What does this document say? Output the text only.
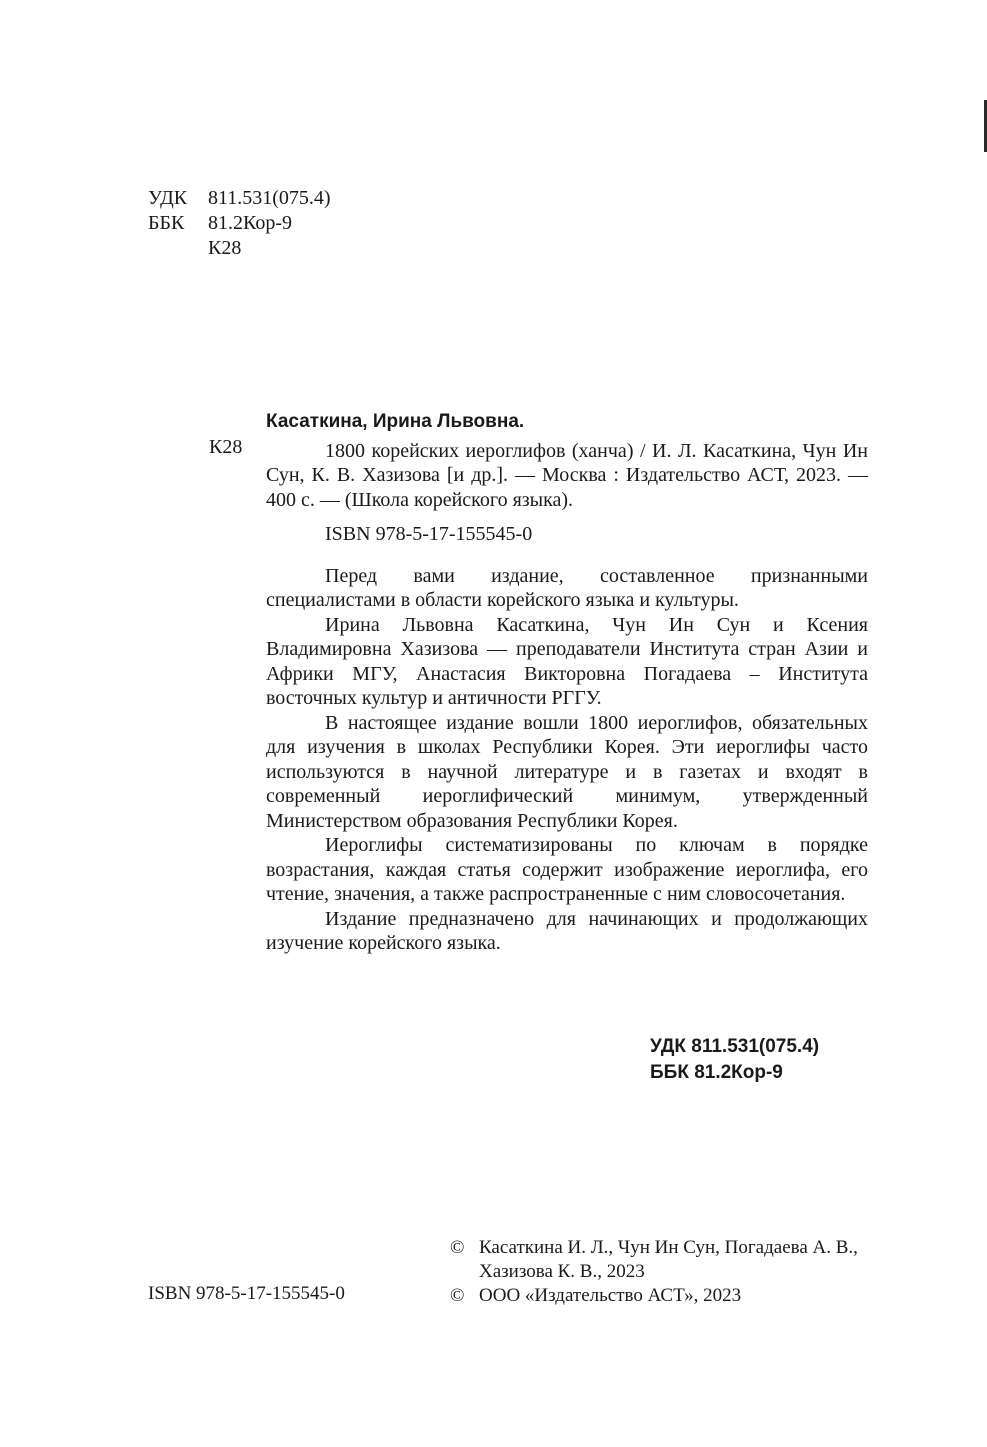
УДК	811.531(075.4)
ББК	81.2Кор-9
К28
К28

Касаткина, Ирина Львовна.

1800 корейских иероглифов (ханча) / И. Л. Касаткина, Чун Ин Сун, К. В. Хазизова [и др.]. — Москва : Издательство АСТ, 2023. — 400 с. — (Школа корейского языка).

ISBN 978-5-17-155545-0

Перед вами издание, составленное признанными специалистами в области корейского языка и культуры.

Ирина Львовна Касаткина, Чун Ин Сун и Ксения Владимировна Хазизова — преподаватели Института стран Азии и Африки МГУ, Анастасия Викторовна Погадаева – Института восточных культур и античности РГГУ.

В настоящее издание вошли 1800 иероглифов, обязательных для изучения в школах Республики Корея. Эти иероглифы часто используются в научной литературе и в газетах и входят в современный иероглифический минимум, утвержденный Министерством образования Республики Корея.

Иероглифы систематизированы по ключам в порядке возрастания, каждая статья содержит изображение иероглифа, его чтение, значения, а также распространенные с ним словосочетания.

Издание предназначено для начинающих и продолжающих изучение корейского языка.

УДК 811.531(075.4)
ББК 81.2Кор-9
ISBN 978-5-17-155545-0
© Касаткина И. Л., Чун Ин Сун, Погадаева А. В.,
Хазизова К. В., 2023
© ООО «Издательство АСТ», 2023
